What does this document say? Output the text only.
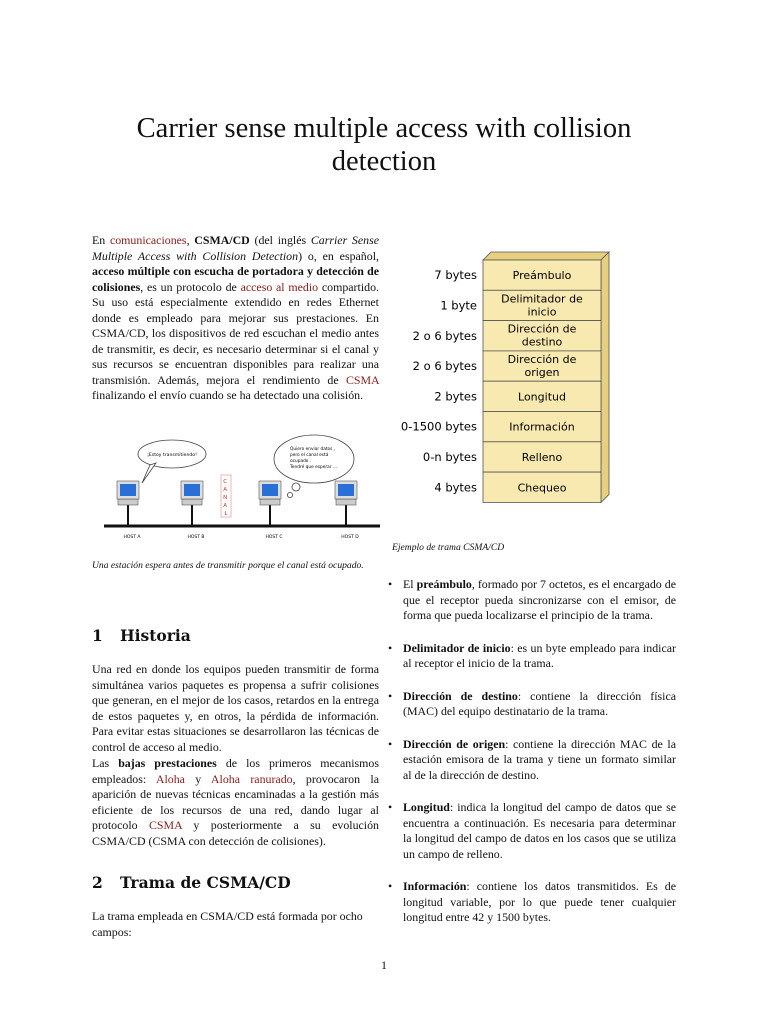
Carrier sense multiple access with collision
detection

En comunicaciones, CSMA/CD (del inglés Carrier Sense Multiple Access with Collision Detection) o, en español, acceso múltiple con escucha de portadora y detección de colisiones, es un protocolo de acceso al medio compartido. Su uso está especialmente extendido en redes Ethernet donde es empleado para mejorar sus prestaciones. En CSMA/CD, los dispositivos de red escuchan el medio antes de transmitir, es decir, es necesario determinar si el canal y sus recursos se encuentran disponibles para realizar una transmisión. Además, mejora el rendimiento de CSMA finalizando el envío cuando se ha detectado una colisión.

HOST A	HOST B	HOST C	HOST D
¡Estoy transmitiendo!
Quiero enviar datos , pero el canal está ocupado . Tendré que esperar ...
C A N A L

Una estación espera antes de transmitir porque el canal está ocupado.

7 bytes	Preámbulo
1 byte Delimitador de inicio
2 o 6 bytes	Dirección de destino
2 o 6 bytes	Dirección de origen
2 bytes	Longitud
0-1500 bytes	Información
0-n bytes	Relleno
4 bytes	Chequeo

Ejemplo de trama CSMA/CD

1 Historia

Una red en donde los equipos pueden transmitir de forma simultánea varios paquetes es propensa a sufrir colisiones que generan, en el mejor de los casos, retardos en la entrega de estos paquetes y, en otros, la pérdida de información. Para evitar estas situaciones se desarrollaron las técnicas de control de acceso al medio.

Las bajas prestaciones de los primeros mecanismos empleados: Aloha y Aloha ranurado, provocaron la aparición de nuevas técnicas encaminadas a la gestión más eficiente de los recursos de una red, dando lugar al protocolo CSMA y posteriormente a su evolución CSMA/CD (CSMA con detección de colisiones).

2 Trama de CSMA/CD

La trama empleada en CSMA/CD está formada por ocho campos:

• El preámbulo, formado por 7 octetos, es el encargado de que el receptor pueda sincronizarse con el emisor, de forma que pueda localizarse el principio de la trama.
• Delimitador de inicio: es un byte empleado para indicar al receptor el inicio de la trama.
• Dirección de destino: contiene la dirección física (MAC) del equipo destinatario de la trama.
• Dirección de origen: contiene la dirección MAC de la estación emisora de la trama y tiene un formato similar al de la dirección de destino.
• Longitud: indica la longitud del campo de datos que se encuentra a continuación. Es necesaria para determinar la longitud del campo de datos en los casos que se utiliza un campo de relleno.
• Información: contiene los datos transmitidos. Es de longitud variable, por lo que puede tener cualquier longitud entre 42 y 1500 bytes.
1
